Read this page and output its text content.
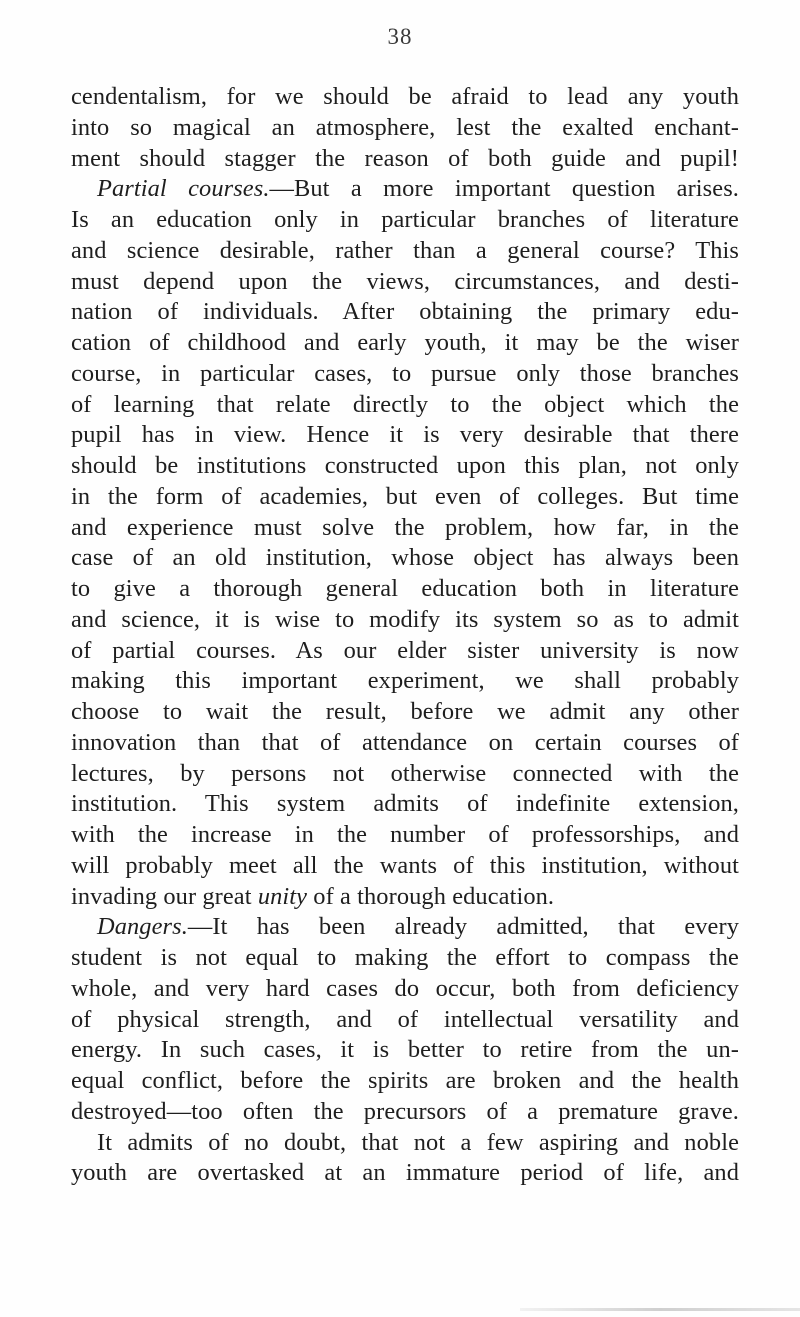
38
cendentalism, for we should be afraid to lead any youth
into so magical an atmosphere, lest the exalted enchant-
ment should stagger the reason of both guide and pupil!
Partial courses.—But a more important question arises.
Is an education only in particular branches of literature
and science desirable, rather than a general course? This
must depend upon the views, circumstances, and desti-
nation of individuals. After obtaining the primary edu-
cation of childhood and early youth, it may be the wiser
course, in particular cases, to pursue only those branches
of learning that relate directly to the object which the
pupil has in view. Hence it is very desirable that there
should be institutions constructed upon this plan, not only
in the form of academies, but even of colleges. But time
and experience must solve the problem, how far, in the
case of an old institution, whose object has always been
to give a thorough general education both in literature
and science, it is wise to modify its system so as to admit
of partial courses. As our elder sister university is now
making this important experiment, we shall probably
choose to wait the result, before we admit any other
innovation than that of attendance on certain courses of
lectures, by persons not otherwise connected with the
institution. This system admits of indefinite extension,
with the increase in the number of professorships, and
will probably meet all the wants of this institution, without
invading our great unity of a thorough education.
Dangers.—It has been already admitted, that every
student is not equal to making the effort to compass the
whole, and very hard cases do occur, both from deficiency
of physical strength, and of intellectual versatility and
energy. In such cases, it is better to retire from the un-
equal conflict, before the spirits are broken and the health
destroyed—too often the precursors of a premature grave.
It admits of no doubt, that not a few aspiring and noble
youth are overtasked at an immature period of life, and
